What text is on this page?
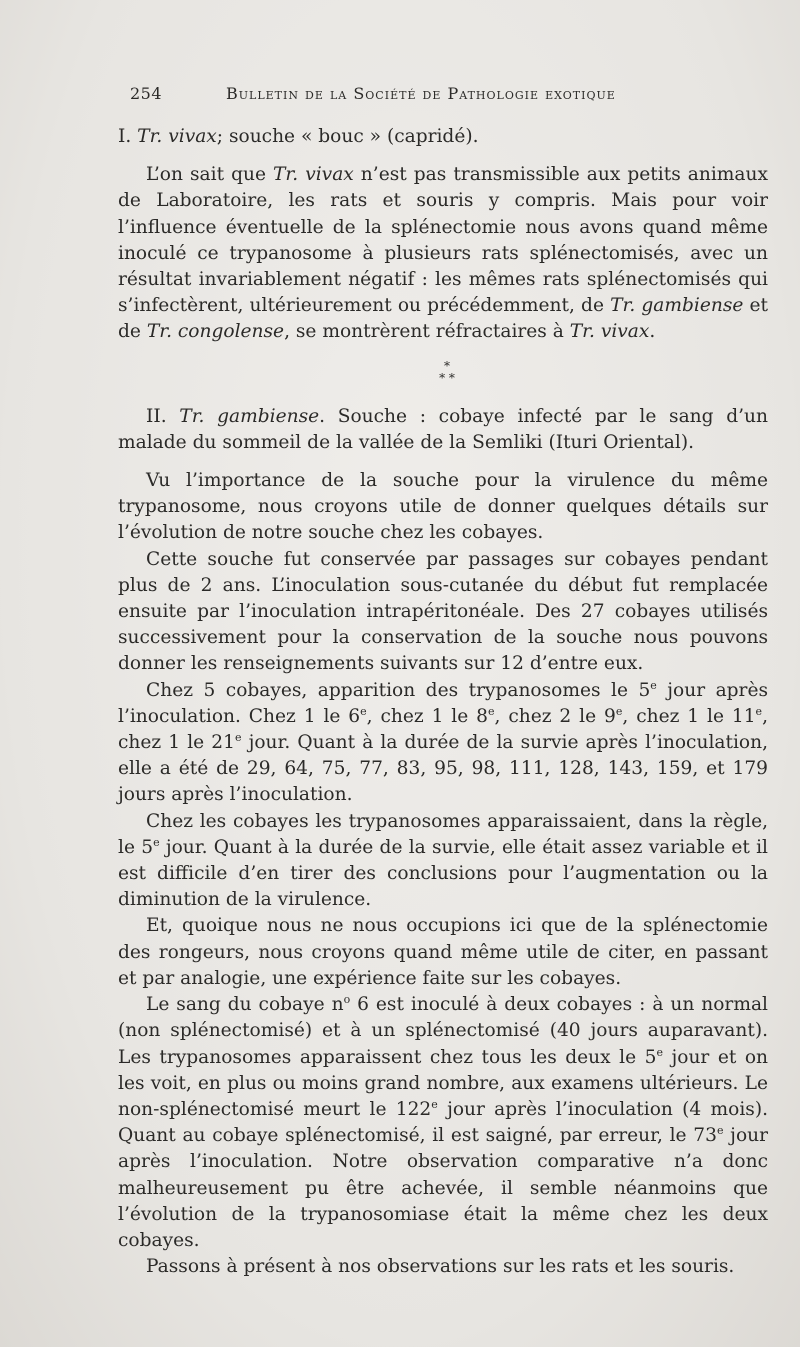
254	Bulletin de la Société de Pathologie exotique

I. Tr. vivax; souche « bouc » (capridé).

L’on sait que Tr. vivax n’est pas transmissible aux petits animaux de Laboratoire, les rats et souris y compris. Mais pour voir l’influence éventuelle de la splénectomie nous avons quand même inoculé ce trypanosome à plusieurs rats splénectomisés, avec un résultat invariablement négatif : les mêmes rats splénectomisés qui s’infectèrent, ultérieurement ou précédemment, de Tr. gambiense et de Tr. congolense, se montrèrent réfractaires à Tr. vivax.

*
* *

II. Tr. gambiense. Souche : cobaye infecté par le sang d’un malade du sommeil de la vallée de la Semliki (Ituri Oriental).

Vu l’importance de la souche pour la virulence du même trypanosome, nous croyons utile de donner quelques détails sur l’évolution de notre souche chez les cobayes.

Cette souche fut conservée par passages sur cobayes pendant plus de 2 ans. L’inoculation sous-cutanée du début fut remplacée ensuite par l’inoculation intrapéritonéale. Des 27 cobayes utilisés successivement pour la conservation de la souche nous pouvons donner les renseignements suivants sur 12 d’entre eux.

Chez 5 cobayes, apparition des trypanosomes le 5e jour après l’inoculation. Chez 1 le 6e, chez 1 le 8e, chez 2 le 9e, chez 1 le 11e, chez 1 le 21e jour. Quant à la durée de la survie après l’inoculation, elle a été de 29, 64, 75, 77, 83, 95, 98, 111, 128, 143, 159, et 179 jours après l’inoculation.

Chez les cobayes les trypanosomes apparaissaient, dans la règle, le 5e jour. Quant à la durée de la survie, elle était assez variable et il est difficile d’en tirer des conclusions pour l’augmentation ou la diminution de la virulence.

Et, quoique nous ne nous occupions ici que de la splénectomie des rongeurs, nous croyons quand même utile de citer, en passant et par analogie, une expérience faite sur les cobayes.

Le sang du cobaye $n^o$ 6 est inoculé à deux cobayes : à un normal (non splénectomisé) et à un splénectomisé (40 jours auparavant). Les trypanosomes apparaissent chez tous les deux le 5e jour et on les voit, en plus ou moins grand nombre, aux examens ultérieurs. Le non-splénectomisé meurt le 122e jour après l’inoculation (4 mois). Quant au cobaye splénectomisé, il est saigné, par erreur, le 73e jour après l’inoculation. Notre observation comparative n’a donc malheureusement pu être achevée, il semble néanmoins que l’évolution de la trypanosomiase était la même chez les deux cobayes.

Passons à présent à nos observations sur les rats et les souris.
